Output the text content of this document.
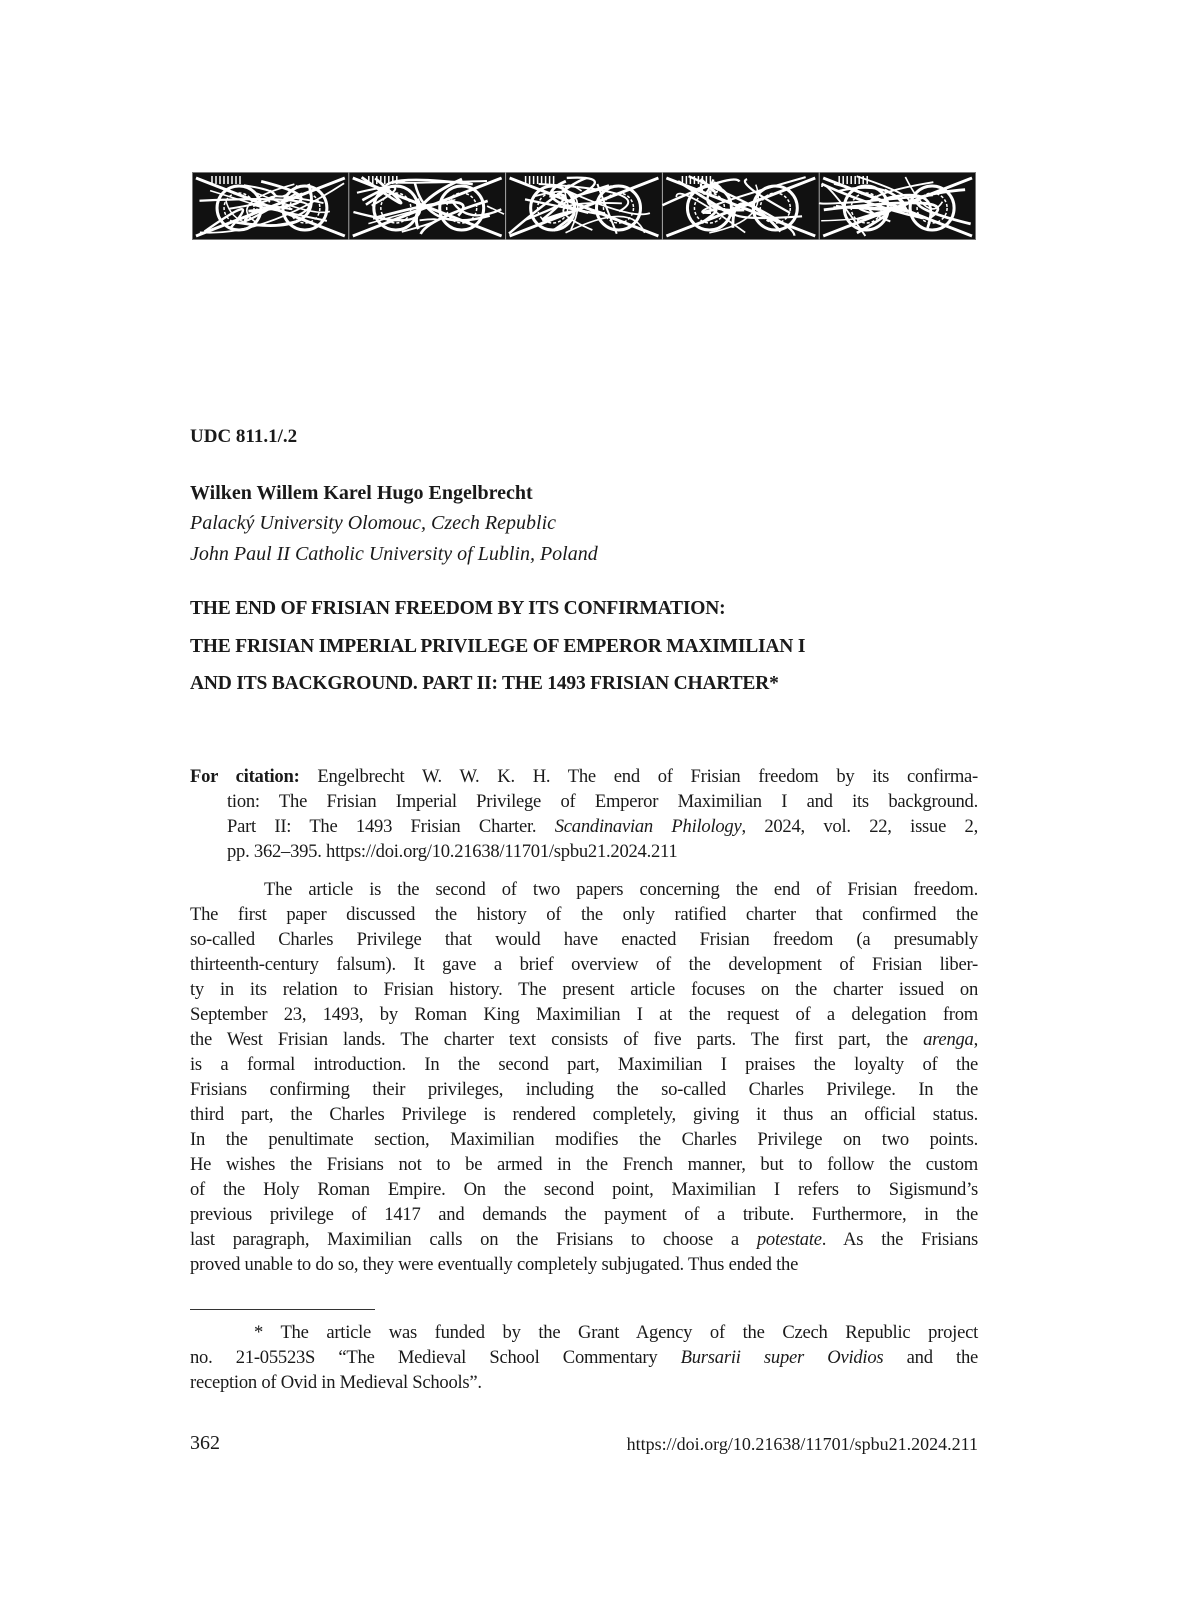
UDC 811.1/.2
Wilken Willem Karel Hugo Engelbrecht
Palacký University Olomouc, Czech Republic
John Paul II Catholic University of Lublin, Poland
THE END OF FRISIAN FREEDOM BY ITS CONFIRMATION:
THE FRISIAN IMPERIAL PRIVILEGE OF EMPEROR MAXIMILIAN I
AND ITS BACKGROUND. PART II: THE 1493 FRISIAN CHARTER*
For citation: Engelbrecht W. W. K. H. The end of Frisian freedom by its confirma-
tion: The Frisian Imperial Privilege of Emperor Maximilian I and its background.
Part II: The 1493 Frisian Charter. Scandinavian Philology, 2024, vol. 22, issue 2,
pp. 362–395. https://doi.org/10.21638/11701/spbu21.2024.211
The article is the second of two papers concerning the end of Frisian freedom.
The first paper discussed the history of the only ratified charter that confirmed the
so-called Charles Privilege that would have enacted Frisian freedom (a presumably
thirteenth-century falsum). It gave a brief overview of the development of Frisian liber-
ty in its relation to Frisian history. The present article focuses on the charter issued on
September 23, 1493, by Roman King Maximilian I at the request of a delegation from
the West Frisian lands. The charter text consists of five parts. The first part, the arenga,
is a formal introduction. In the second part, Maximilian I praises the loyalty of the
Frisians confirming their privileges, including the so-called Charles Privilege. In the
third part, the Charles Privilege is rendered completely, giving it thus an official status.
In the penultimate section, Maximilian modifies the Charles Privilege on two points.
He wishes the Frisians not to be armed in the French manner, but to follow the custom
of the Holy Roman Empire. On the second point, Maximilian I refers to Sigismund’s
previous privilege of 1417 and demands the payment of a tribute. Furthermore, in the
last paragraph, Maximilian calls on the Frisians to choose a potestate. As the Frisians
proved unable to do so, they were eventually completely subjugated. Thus ended the
* The article was funded by the Grant Agency of the Czech Republic project
no. 21-05523S “The Medieval School Commentary Bursarii super Ovidios and the
reception of Ovid in Medieval Schools”.
362	https://doi.org/10.21638/11701/spbu21.2024.211
